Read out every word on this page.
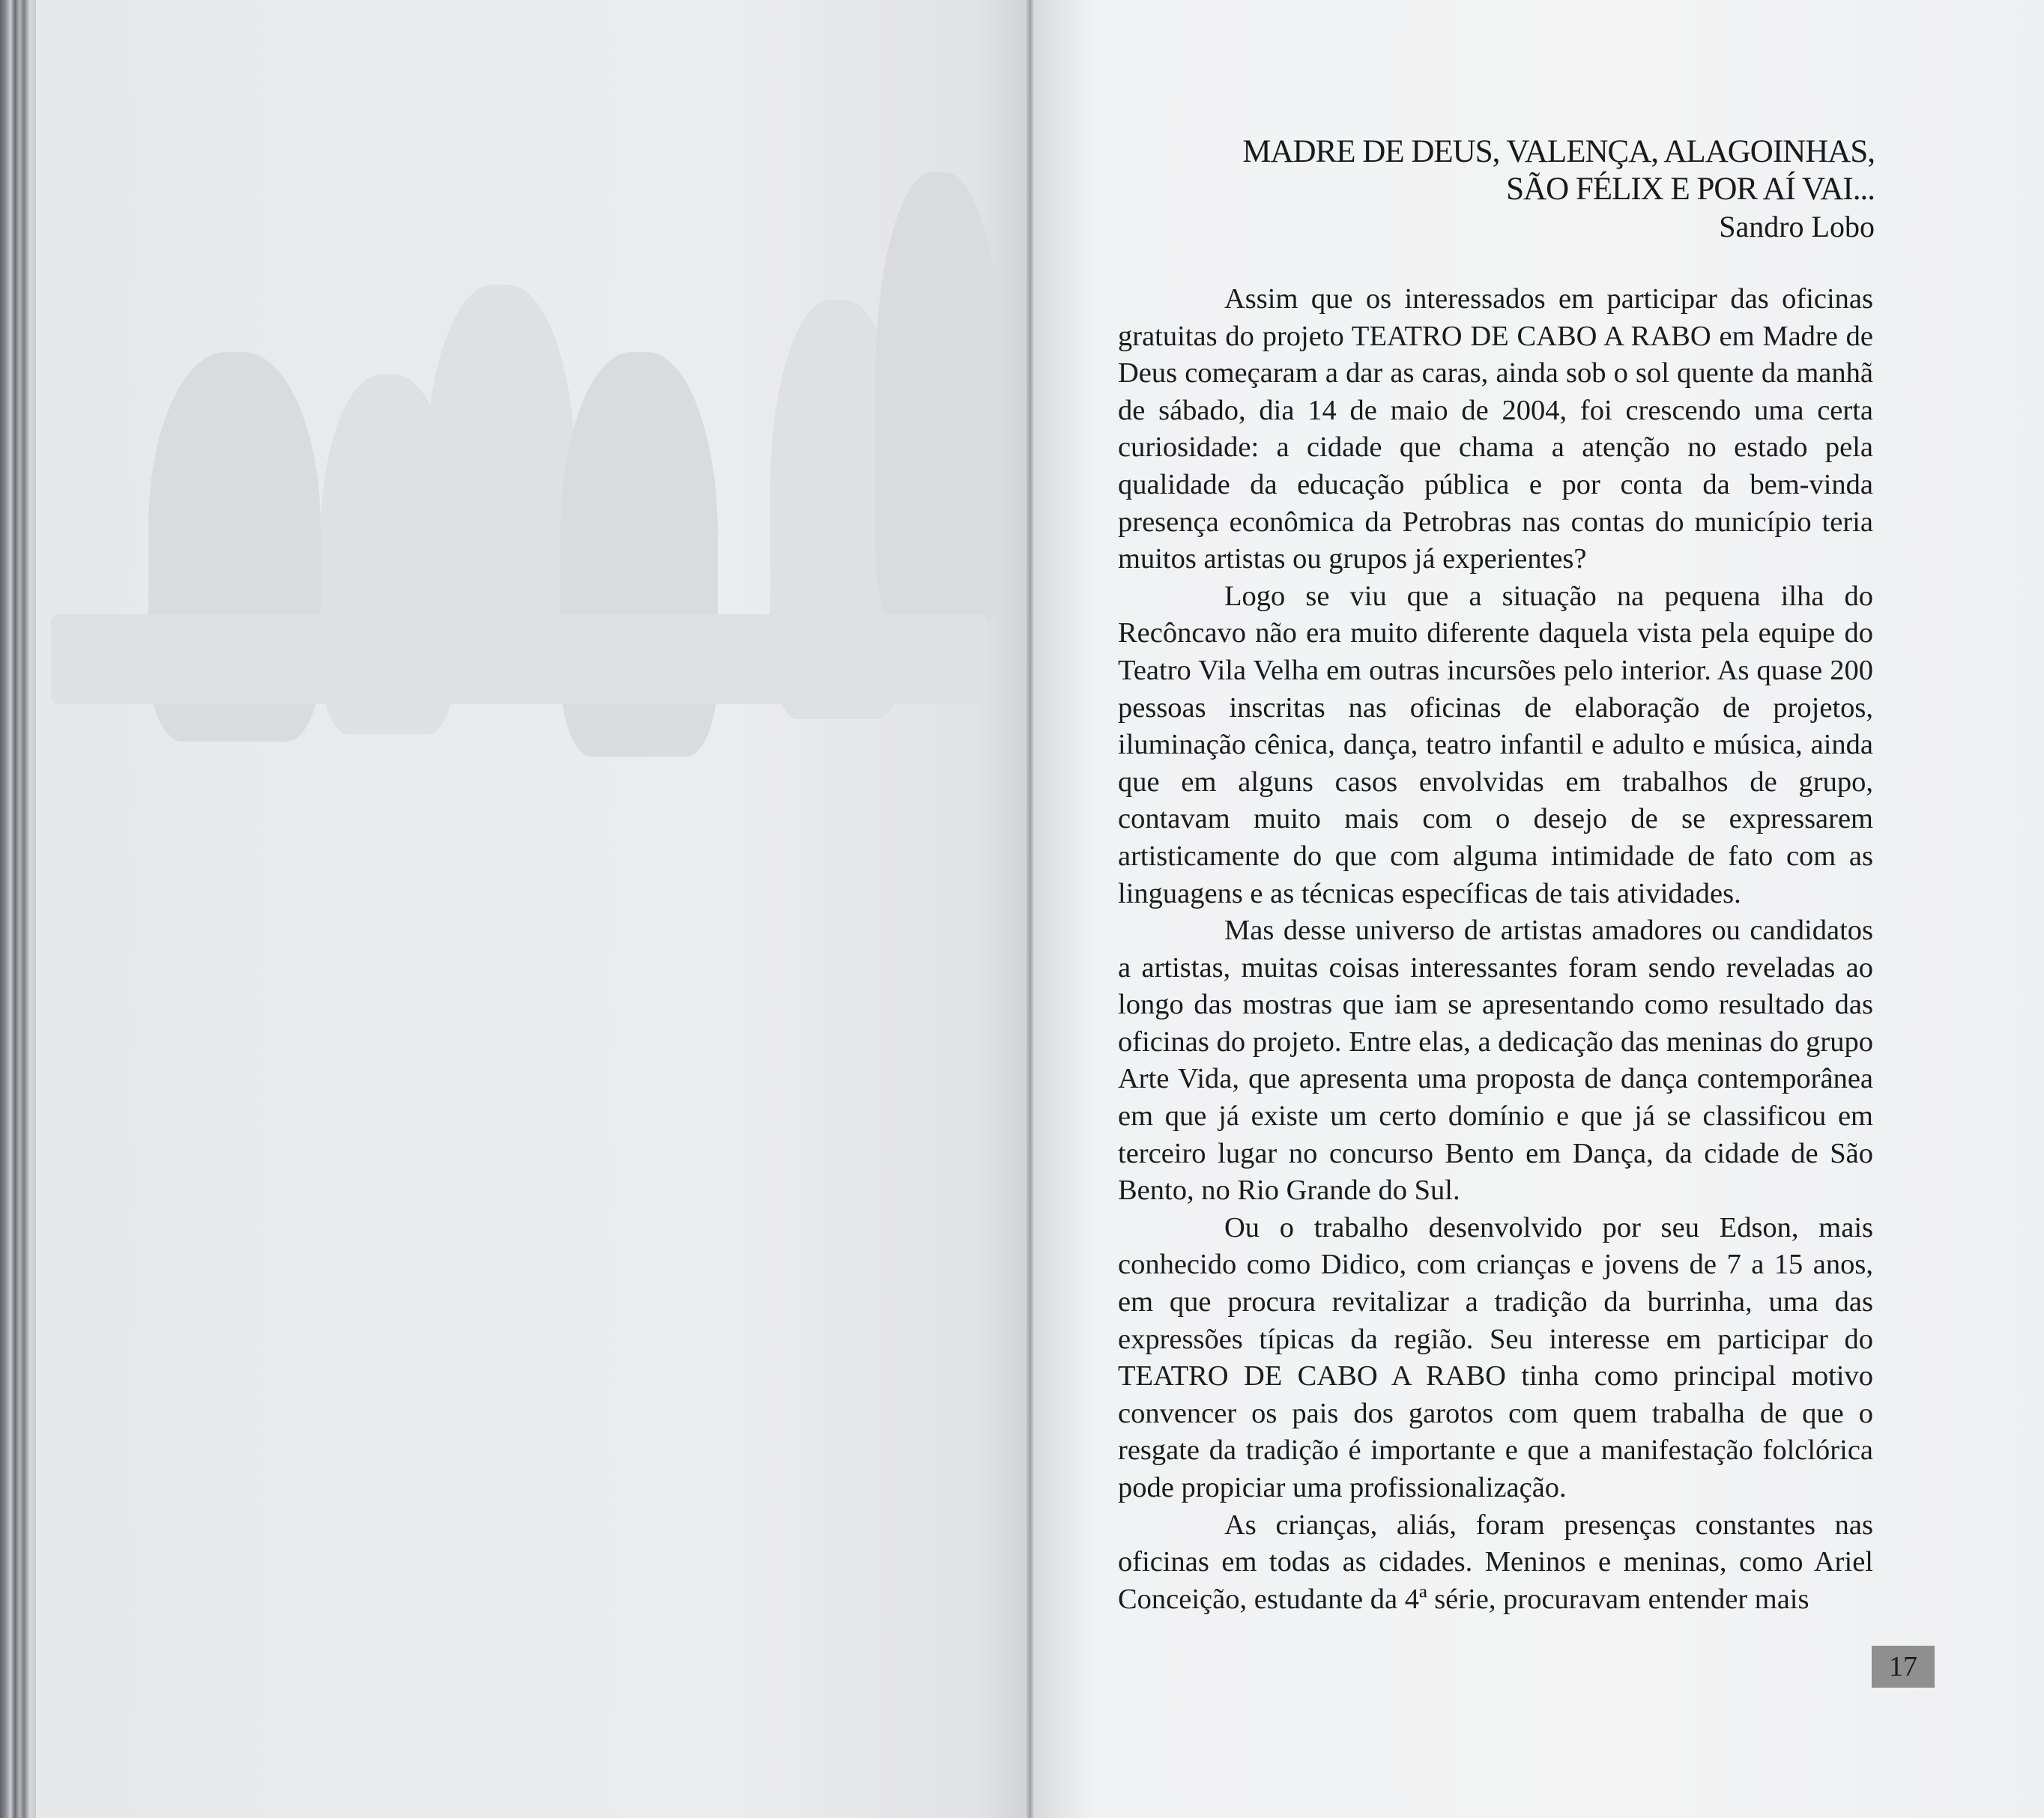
MADRE DE DEUS, VALENÇA, ALAGOINHAS,
SÃO FÉLIX E POR AÍ VAI...
Sandro Lobo

Assim que os interessados em participar das oficinas gratuitas do projeto TEATRO DE CABO A RABO em Madre de Deus começaram a dar as caras, ainda sob o sol quente da manhã de sábado, dia 14 de maio de 2004, foi crescendo uma certa curiosidade: a cidade que chama a atenção no estado pela qualidade da educação pública e por conta da bem-vinda presença econômica da Petrobras nas contas do município teria muitos artistas ou grupos já experientes?

Logo se viu que a situação na pequena ilha do Recôncavo não era muito diferente daquela vista pela equipe do Teatro Vila Velha em outras incursões pelo interior. As quase 200 pessoas inscritas nas oficinas de elaboração de projetos, iluminação cênica, dança, teatro infantil e adulto e música, ainda que em alguns casos envolvidas em trabalhos de grupo, contavam muito mais com o desejo de se expressarem artisticamente do que com alguma intimidade de fato com as linguagens e as técnicas específicas de tais atividades.

Mas desse universo de artistas amadores ou candidatos a artistas, muitas coisas interessantes foram sendo reveladas ao longo das mostras que iam se apresentando como resultado das oficinas do projeto. Entre elas, a dedicação das meninas do grupo Arte Vida, que apresenta uma proposta de dança contemporânea em que já existe um certo domínio e que já se classificou em terceiro lugar no concurso Bento em Dança, da cidade de São Bento, no Rio Grande do Sul.

Ou o trabalho desenvolvido por seu Edson, mais conhecido como Didico, com crianças e jovens de 7 a 15 anos, em que procura revitalizar a tradição da burrinha, uma das expressões típicas da região. Seu interesse em participar do TEATRO DE CABO A RABO tinha como principal motivo convencer os pais dos garotos com quem trabalha de que o resgate da tradição é importante e que a manifestação folclórica pode propiciar uma profissionalização.

As crianças, aliás, foram presenças constantes nas oficinas em todas as cidades. Meninos e meninas, como Ariel Conceição, estudante da 4ª série, procuravam entender mais

17
